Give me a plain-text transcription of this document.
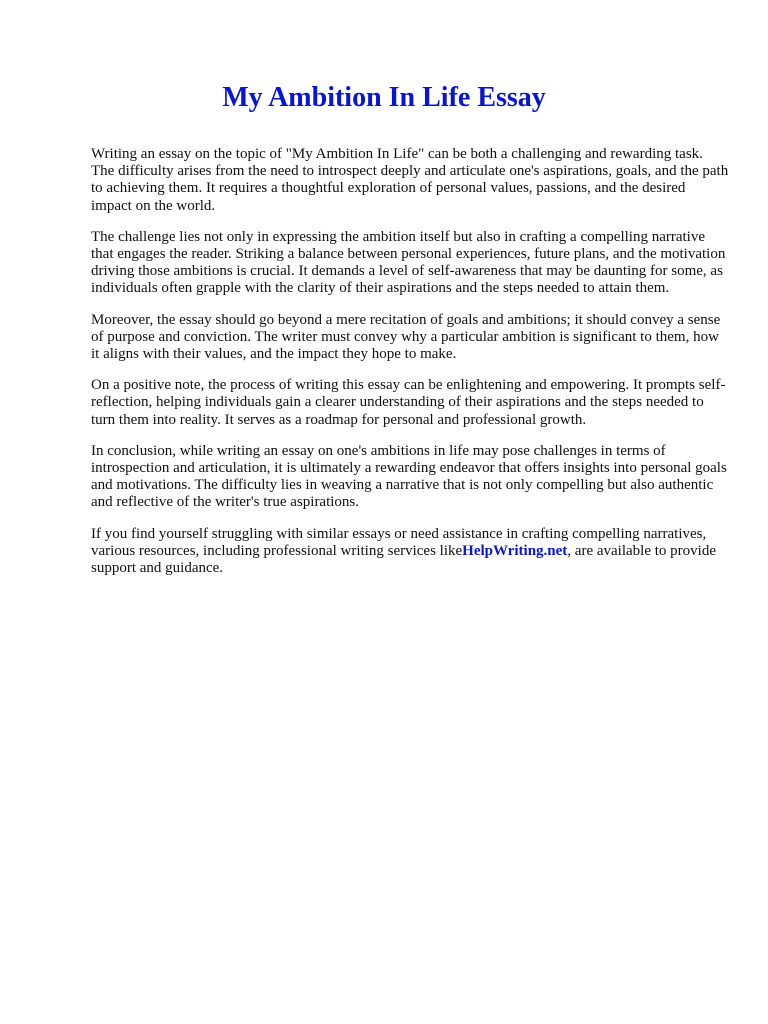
My Ambition In Life Essay

Writing an essay on the topic of "My Ambition In Life" can be both a challenging and rewarding task. The difficulty arises from the need to introspect deeply and articulate one's aspirations, goals, and the path to achieving them. It requires a thoughtful exploration of personal values, passions, and the desired impact on the world.

The challenge lies not only in expressing the ambition itself but also in crafting a compelling narrative that engages the reader. Striking a balance between personal experiences, future plans, and the motivation driving those ambitions is crucial. It demands a level of self-awareness that may be daunting for some, as individuals often grapple with the clarity of their aspirations and the steps needed to attain them.

Moreover, the essay should go beyond a mere recitation of goals and ambitions; it should convey a sense of purpose and conviction. The writer must convey why a particular ambition is significant to them, how it aligns with their values, and the impact they hope to make.

On a positive note, the process of writing this essay can be enlightening and empowering. It prompts self-reflection, helping individuals gain a clearer understanding of their aspirations and the steps needed to turn them into reality. It serves as a roadmap for personal and professional growth.

In conclusion, while writing an essay on one's ambitions in life may pose challenges in terms of introspection and articulation, it is ultimately a rewarding endeavor that offers insights into personal goals and motivations. The difficulty lies in weaving a narrative that is not only compelling but also authentic and reflective of the writer's true aspirations.

If you find yourself struggling with similar essays or need assistance in crafting compelling narratives, various resources, including professional writing services likeHelpWriting.net, are available to provide support and guidance.
